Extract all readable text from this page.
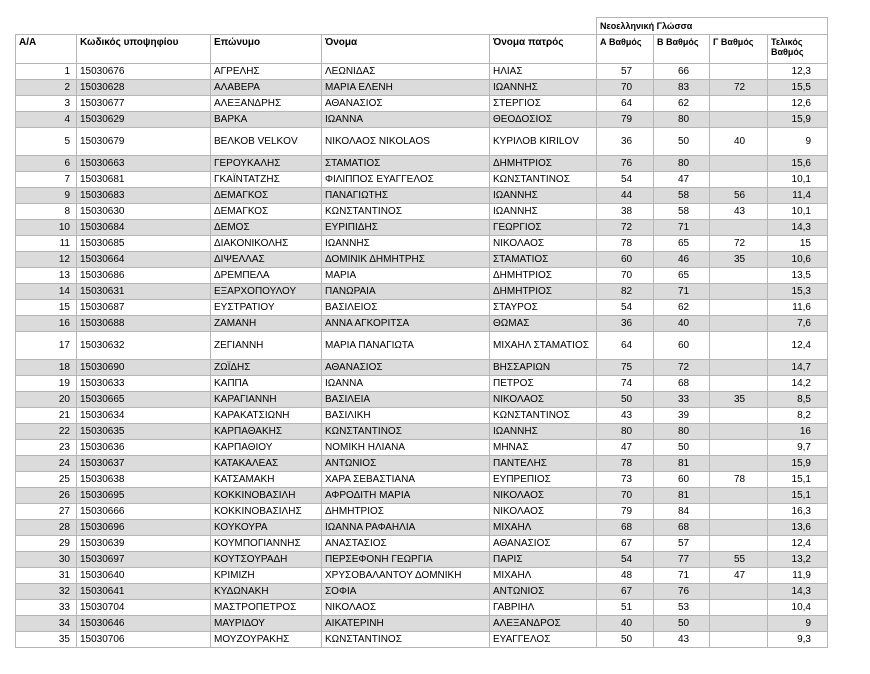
					Νεοελληνική Γλώσσα			
Α/Α	Κωδικός υποψηφίου	Επώνυμο	Όνομα	Όνομα πατρός	Α Βαθμός	Β Βαθμός	Γ Βαθμός	Τελικός Βαθμός
1	15030676	ΑΓΡΕΛΗΣ	ΛΕΩΝΙΔΑΣ	ΗΛΙΑΣ	57	66		12,3
2	15030628	ΑΛΑΒΕΡΑ	ΜΑΡΙΑ ΕΛΕΝΗ	ΙΩΑΝΝΗΣ	70	83	72	15,5
3	15030677	ΑΛΕΞΑΝΔΡΗΣ	ΑΘΑΝΑΣΙΟΣ	ΣΤΕΡΓΙΟΣ	64	62		12,6
4	15030629	ΒΑΡΚΑ	ΙΩΑΝΝΑ	ΘΕΟΔΟΣΙΟΣ	79	80		15,9
5	15030679	ΒΕΛΚΟΒ VELKOV	ΝΙΚΟΛΑΟΣ NIKOLAOS	ΚΥΡΙΛΟΒ KIRILOV	36	50	40	9
6	15030663	ΓΕΡΟΥΚΑΛΗΣ	ΣΤΑΜΑΤΙΟΣ	ΔΗΜΗΤΡΙΟΣ	76	80		15,6
7	15030681	ΓΚΑΪΝΤΑΤΖΗΣ	ΦΙΛΙΠΠΟΣ ΕΥΑΓΓΕΛΟΣ	ΚΩΝΣΤΑΝΤΙΝΟΣ	54	47		10,1
9	15030683	ΔΕΜΑΓΚΟΣ	ΠΑΝΑΓΙΩΤΗΣ	ΙΩΑΝΝΗΣ	44	58	56	11,4
8	15030630	ΔΕΜΑΓΚΟΣ	ΚΩΝΣΤΑΝΤΙΝΟΣ	ΙΩΑΝΝΗΣ	38	58	43	10,1
10	15030684	ΔΕΜΟΣ	ΕΥΡΙΠΙΔΗΣ	ΓΕΩΡΓΙΟΣ	72	71		14,3
11	15030685	ΔΙΑΚΟΝΙΚΟΛΗΣ	ΙΩΑΝΝΗΣ	ΝΙΚΟΛΑΟΣ	78	65	72	15
12	15030664	ΔΙΨΕΛΛΑΣ	ΔΟΜΙΝΙΚ ΔΗΜΗΤΡΗΣ	ΣΤΑΜΑΤΙΟΣ	60	46	35	10,6
13	15030686	ΔΡΕΜΠΕΛΑ	ΜΑΡΙΑ	ΔΗΜΗΤΡΙΟΣ	70	65		13,5
14	15030631	ΕΞΑΡΧΟΠΟΥΛΟΥ	ΠΑΝΩΡΑΙΑ	ΔΗΜΗΤΡΙΟΣ	82	71		15,3
15	15030687	ΕΥΣΤΡΑΤΙΟΥ	ΒΑΣΙΛΕΙΟΣ	ΣΤΑΥΡΟΣ	54	62		11,6
16	15030688	ΖΑΜΑΝΗ	ΑΝΝΑ ΑΓΚΟΡΙΤΣΑ	ΘΩΜΑΣ	36	40		7,6
17	15030632	ΖΕΓΙΑΝΝΗ	ΜΑΡΙΑ ΠΑΝΑΓΙΩΤΑ	ΜΙΧΑΗΛ ΣΤΑΜΑΤΙΟΣ	64	60		12,4
18	15030690	ΖΩΪΔΗΣ	ΑΘΑΝΑΣΙΟΣ	ΒΗΣΣΑΡΙΩΝ	75	72		14,7
19	15030633	ΚΑΠΠΑ	ΙΩΑΝΝΑ	ΠΕΤΡΟΣ	74	68		14,2
20	15030665	ΚΑΡΑΓΙΑΝΝΗ	ΒΑΣΙΛΕΙΑ	ΝΙΚΟΛΑΟΣ	50	33	35	8,5
21	15030634	ΚΑΡΑΚΑΤΣΙΩΝΗ	ΒΑΣΙΛΙΚΗ	ΚΩΝΣΤΑΝΤΙΝΟΣ	43	39		8,2
22	15030635	ΚΑΡΠΑΘΑΚΗΣ	ΚΩΝΣΤΑΝΤΙΝΟΣ	ΙΩΑΝΝΗΣ	80	80		16
23	15030636	ΚΑΡΠΑΘΙΟΥ	ΝΟΜΙΚΗ ΗΛΙΑΝΑ	ΜΗΝΑΣ	47	50		9,7
24	15030637	ΚΑΤΑΚΑΛΕΑΣ	ΑΝΤΩΝΙΟΣ	ΠΑΝΤΕΛΗΣ	78	81		15,9
25	15030638	ΚΑΤΣΑΜΑΚΗ	ΧΑΡΑ ΣΕΒΑΣΤΙΑΝΑ	ΕΥΠΡΕΠΙΟΣ	73	60	78	15,1
26	15030695	ΚΟΚΚΙΝΟΒΑΣΙΛΗ	ΑΦΡΟΔΙΤΗ ΜΑΡΙΑ	ΝΙΚΟΛΑΟΣ	70	81		15,1
27	15030666	ΚΟΚΚΙΝΟΒΑΣΙΛΗΣ	ΔΗΜΗΤΡΙΟΣ	ΝΙΚΟΛΑΟΣ	79	84		16,3
28	15030696	ΚΟΥΚΟΥΡΑ	ΙΩΑΝΝΑ ΡΑΦΑΗΛΙΑ	ΜΙΧΑΗΛ	68	68		13,6
29	15030639	ΚΟΥΜΠΟΓΙΑΝΝΗΣ	ΑΝΑΣΤΑΣΙΟΣ	ΑΘΑΝΑΣΙΟΣ	67	57		12,4
30	15030697	ΚΟΥΤΣΟΥΡΑΔΗ	ΠΕΡΣΕΦΟΝΗ ΓΕΩΡΓΙΑ	ΠΑΡΙΣ	54	77	55	13,2
31	15030640	ΚΡΙΜΙΖΗ	ΧΡΥΣΟΒΑΛΑΝΤΟΥ ΔΟΜΝΙΚΗ	ΜΙΧΑΗΛ	48	71	47	11,9
32	15030641	ΚΥΔΩΝΑΚΗ	ΣΟΦΙΑ	ΑΝΤΩΝΙΟΣ	67	76		14,3
33	15030704	ΜΑΣΤΡΟΠΕΤΡΟΣ	ΝΙΚΟΛΑΟΣ	ΓΑΒΡΙΗΛ	51	53		10,4
34	15030646	ΜΑΥΡΙΔΟΥ	ΑΙΚΑΤΕΡΙΝΗ	ΑΛΕΞΑΝΔΡΟΣ	40	50		9
35	15030706	ΜΟΥΖΟΥΡΑΚΗΣ	ΚΩΝΣΤΑΝΤΙΝΟΣ	ΕΥΑΓΓΕΛΟΣ	50	43		9,3
